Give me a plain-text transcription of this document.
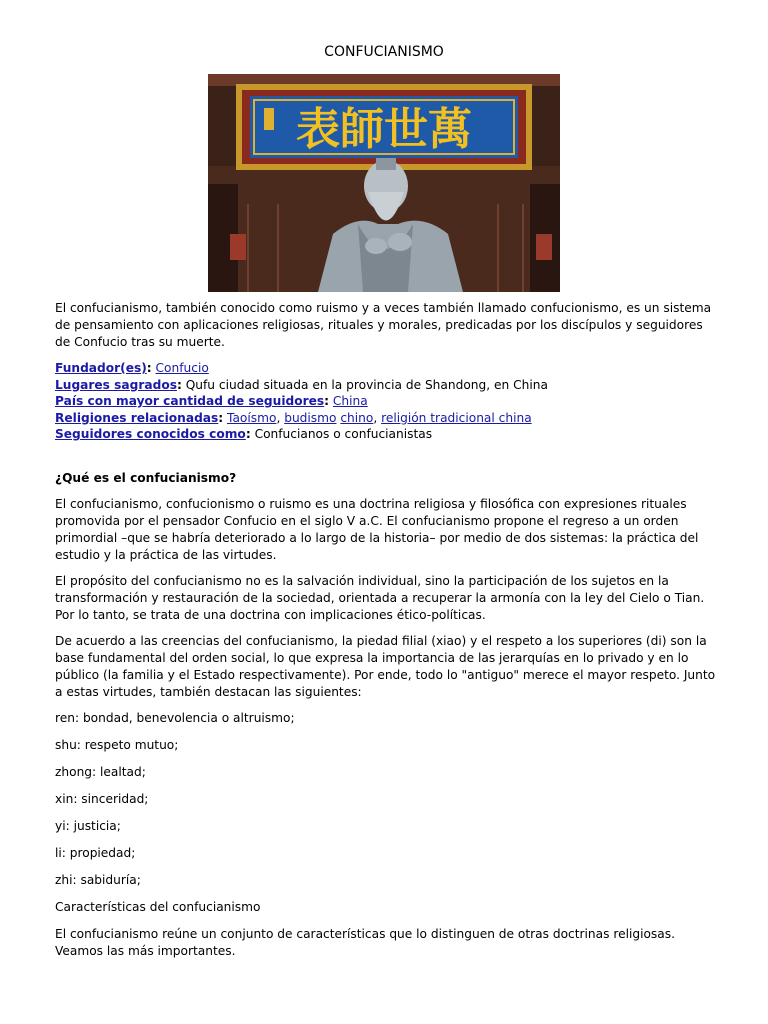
CONFUCIANISMO
表師世萬

El confucianismo, también conocido como ruismo y a veces también llamado confucionismo, es un sistema de pensamiento con aplicaciones religiosas, rituales y morales, predicadas por los discípulos y seguidores de Confucio tras su muerte.

Fundador(es): Confucio
Lugares sagrados: Qufu ciudad situada en la provincia de Shandong, en China
País con mayor cantidad de seguidores: China
Religiones relacionadas: Taoísmo, budismo chino, religión tradicional china
Seguidores conocidos como: Confucianos o confucianistas

¿Qué es el confucianismo?

El confucianismo, confucionismo o ruismo es una doctrina religiosa y filosófica con expresiones rituales promovida por el pensador Confucio en el siglo V a.C. El confucianismo propone el regreso a un orden primordial –que se habría deteriorado a lo largo de la historia– por medio de dos sistemas: la práctica del estudio y la práctica de las virtudes.

El propósito del confucianismo no es la salvación individual, sino la participación de los sujetos en la transformación y restauración de la sociedad, orientada a recuperar la armonía con la ley del Cielo o Tian. Por lo tanto, se trata de una doctrina con implicaciones ético-políticas.

De acuerdo a las creencias del confucianismo, la piedad filial (xiao) y el respeto a los superiores (di) son la base fundamental del orden social, lo que expresa la importancia de las jerarquías en lo privado y en lo público (la familia y el Estado respectivamente). Por ende, todo lo "antiguo" merece el mayor respeto. Junto a estas virtudes, también destacan las siguientes:

ren: bondad, benevolencia o altruismo;

shu: respeto mutuo;

zhong: lealtad;

xin: sinceridad;

yi: justicia;

li: propiedad;

zhi: sabiduría;

Características del confucianismo

El confucianismo reúne un conjunto de características que lo distinguen de otras doctrinas religiosas. Veamos las más importantes.
